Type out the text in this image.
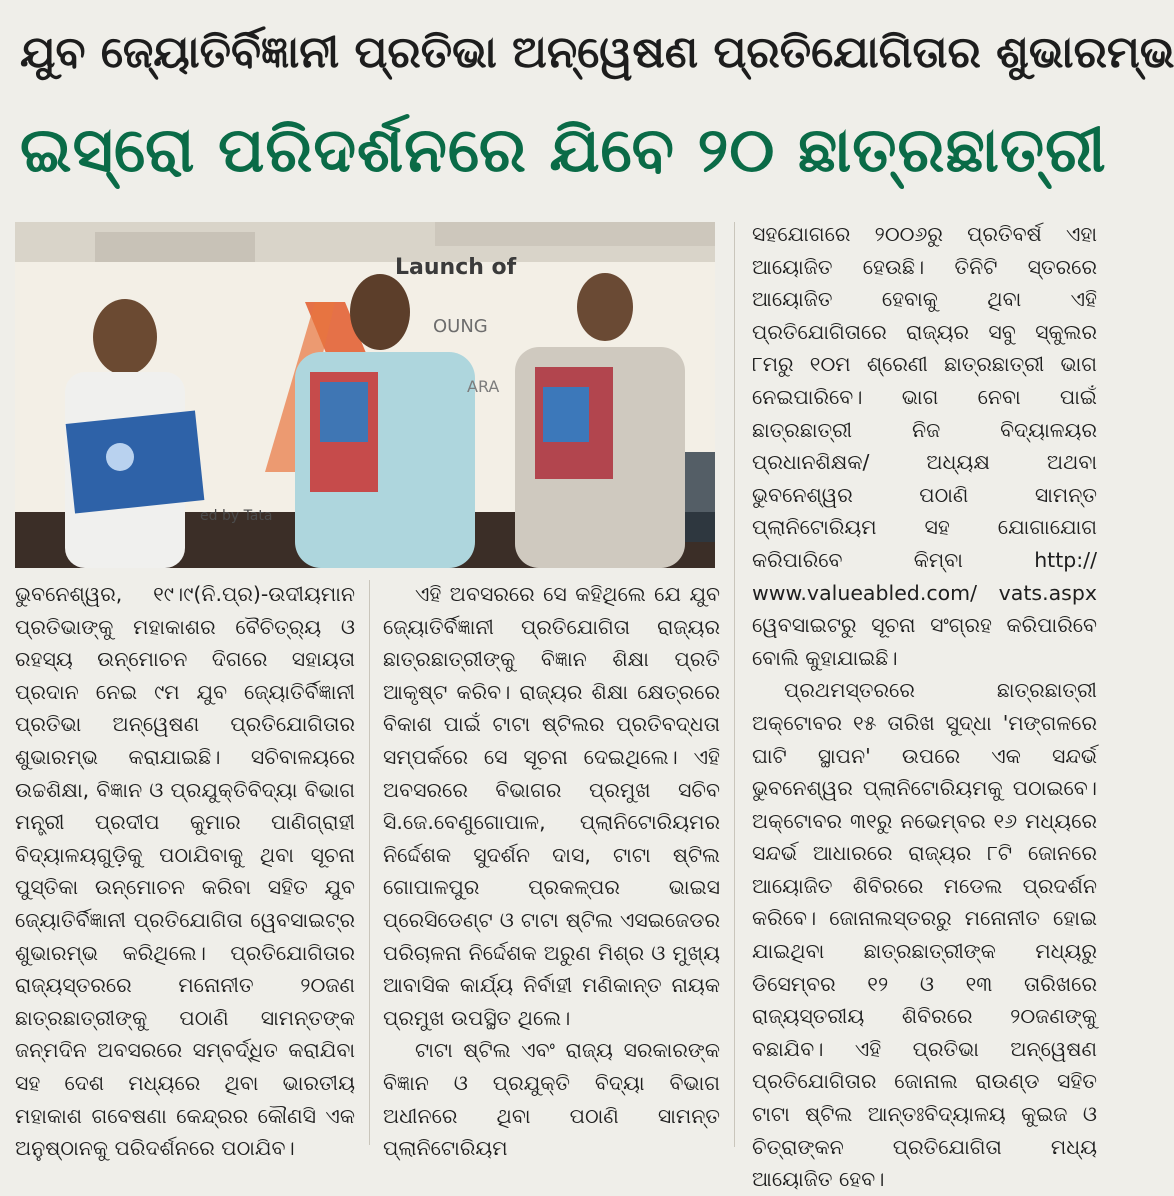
ଯୁବ ଜ୍ୟୋତିର୍ବିଜ୍ଞାନୀ ପ୍ରତିଭା ଅନ୍ୱେଷଣ ପ୍ରତିଯୋଗିତାର ଶୁଭାରମ୍ଭ
ଇସ୍ରୋ ପରିଦର୍ଶନରେ ଯିବେ ୨୦ ଛାତ୍ରଛାତ୍ରୀ
Launch of
OUNG
ARA
ed by Tata

ସହଯୋଗରେ ୨୦୦୬ରୁ ପ୍ରତିବର୍ଷ ଏହା ଆୟୋଜିତ ହେଉଛି। ତିନିଟି ସ୍ତରରେ ଆୟୋଜିତ ହେବାକୁ ଥିବା ଏହି ପ୍ରତିଯୋଗିତାରେ ରାଜ୍ୟର ସବୁ ସ୍କୁଲର ୮ମରୁ ୧୦ମ ଶ୍ରେଣୀ ଛାତ୍ରଛାତ୍ରୀ ଭାଗ ନେଇପାରିବେ। ଭାଗ ନେବା ପାଇଁ ଛାତ୍ରଛାତ୍ରୀ ନିଜ ବିଦ୍ୟାଳୟର ପ୍ରଧାନଶିକ୍ଷକ/ ଅଧ୍ୟକ୍ଷ ଅଥବା ଭୁବନେଶ୍ୱର ପଠାଣି ସାମନ୍ତ ପ୍ଲାନିଟୋରିୟମ ସହ ଯୋଗାଯୋଗ କରିପାରିବେ କିମ୍ବା http:// www.valueabled.com/ vats.aspx ୱେବସାଇଟରୁ ସୂଚନା ସଂଗ୍ରହ କରିପାରିବେ ବୋଲି କୁହାଯାଇଛି।

ପ୍ରଥମସ୍ତରରେ ଛାତ୍ରଛାତ୍ରୀ ଅକ୍ଟୋବର ୧୫ ତାରିଖ ସୁଦ୍ଧା 'ମଙ୍ଗଳରେ ଘାଟି ସ୍ଥାପନ' ଉପରେ ଏକ ସନ୍ଦର୍ଭ ଭୁବନେଶ୍ୱର ପ୍ଲାନିଟୋରିୟମକୁ ପଠାଇବେ। ଅକ୍ଟୋବର ୩୧ରୁ ନଭେମ୍ବର ୧୬ ମଧ୍ୟରେ ସନ୍ଦର୍ଭ ଆଧାରରେ ରାଜ୍ୟର ୮ଟି ଜୋନରେ ଆୟୋଜିତ ଶିବିରରେ ମଡେଲ ପ୍ରଦର୍ଶନ କରିବେ। ଜୋନାଲସ୍ତରରୁ ମନୋନୀତ ହୋଇ ଯାଇଥିବା ଛାତ୍ରଛାତ୍ରୀଙ୍କ ମଧ୍ୟରୁ ଡିସେମ୍ବର ୧୨ ଓ ୧୩ ତାରିଖରେ ରାଜ୍ୟସ୍ତରୀୟ ଶିବିରରେ ୨୦ଜଣଙ୍କୁ ବଛାଯିବ। ଏହି ପ୍ରତିଭା ଅନ୍ୱେଷଣ ପ୍ରତିଯୋଗିତାର ଜୋନାଲ ରାଉଣ୍ଡ ସହିତ ଟାଟା ଷ୍ଟିଲ ଆନ୍ତଃବିଦ୍ୟାଳୟ କୁଇଜ ଓ ଚିତ୍ରାଙ୍କନ ପ୍ରତିଯୋଗିତା ମଧ୍ୟ ଆୟୋଜିତ ହେବ।

ଭୁବନେଶ୍ୱର, ୧୯।୯(ନି.ପ୍ର)-ଉଦୀୟମାନ ପ୍ରତିଭାଙ୍କୁ ମହାକାଶର ବୈଚିତ୍ର୍ୟ ଓ ରହସ୍ୟ ଉନ୍ମୋଚନ ଦିଗରେ ସହାୟତା ପ୍ରଦାନ ନେଇ ୯ମ ଯୁବ ଜ୍ୟୋତିର୍ବିଜ୍ଞାନୀ ପ୍ରତିଭା ଅନ୍ୱେଷଣ ପ୍ରତିଯୋଗିତାର ଶୁଭାରମ୍ଭ କରାଯାଇଛି। ସଚିବାଳୟରେ ଉଚ୍ଚଶିକ୍ଷା, ବିଜ୍ଞାନ ଓ ପ୍ରଯୁକ୍ତିବିଦ୍ୟା ବିଭାଗ ମନ୍ତ୍ରୀ ପ୍ରଦୀପ କୁମାର ପାଣିଗ୍ରାହୀ ବିଦ୍ୟାଳୟଗୁଡ଼ିକୁ ପଠାଯିବାକୁ ଥିବା ସୂଚନା ପୁସ୍ତିକା ଉନ୍ମୋଚନ କରିବା ସହିତ ଯୁବ ଜ୍ୟୋତିର୍ବିଜ୍ଞାନୀ ପ୍ରତିଯୋଗିତା ୱେବସାଇଟ୍‌ର ଶୁଭାରମ୍ଭ କରିଥିଲେ। ପ୍ରତିଯୋଗିତାର ରାଜ୍ୟସ୍ତରରେ ମନୋନୀତ ୨୦ଜଣ ଛାତ୍ରଛାତ୍ରୀଙ୍କୁ ପଠାଣି ସାମନ୍ତଙ୍କ ଜନ୍ମଦିନ ଅବସରରେ ସମ୍ବର୍ଦ୍ଧିତ କରାଯିବା ସହ ଦେଶ ମଧ୍ୟରେ ଥିବା ଭାରତୀୟ ମହାକାଶ ଗବେଷଣା କେନ୍ଦ୍ରର କୌଣସି ଏକ ଅନୁଷ୍ଠାନକୁ ପରିଦର୍ଶନରେ ପଠାଯିବ।

ଏହି ଅବସରରେ ସେ କହିଥିଲେ ଯେ ଯୁବ ଜ୍ୟୋତିର୍ବିଜ୍ଞାନୀ ପ୍ରତିଯୋଗିତା ରାଜ୍ୟର ଛାତ୍ରଛାତ୍ରୀଙ୍କୁ ବିଜ୍ଞାନ ଶିକ୍ଷା ପ୍ରତି ଆକୃଷ୍ଟ କରିବ। ରାଜ୍ୟର ଶିକ୍ଷା କ୍ଷେତ୍ରରେ ବିକାଶ ପାଇଁ ଟାଟା ଷ୍ଟିଲର ପ୍ରତିବଦ୍ଧତା ସମ୍ପର୍କରେ ସେ ସୂଚନା ଦେଇଥିଲେ। ଏହି ଅବସରରେ ବିଭାଗର ପ୍ରମୁଖ ସଚିବ ସି.ଜେ.ବେଣୁଗୋପାଳ, ପ୍ଲାନିଟୋରିୟମର ନିର୍ଦ୍ଦେଶକ ସୁଦର୍ଶନ ଦାସ, ଟାଟା ଷ୍ଟିଲ ଗୋପାଳପୁର ପ୍ରକଳ୍ପର ଭାଇସ ପ୍ରେସିଡେଣ୍ଟ ଓ ଟାଟା ଷ୍ଟିଲ ଏସଇଜେଡର ପରିଚାଳନା ନିର୍ଦ୍ଦେଶକ ଅରୁଣ ମିଶ୍ର ଓ ମୁଖ୍ୟ ଆବାସିକ କାର୍ଯ୍ୟ ନିର୍ବାହୀ ମଣିକାନ୍ତ ନାୟକ ପ୍ରମୁଖ ଉପସ୍ଥିତ ଥିଲେ।

ଟାଟା ଷ୍ଟିଲ ଏବଂ ରାଜ୍ୟ ସରକାରଙ୍କ ବିଜ୍ଞାନ ଓ ପ୍ରଯୁକ୍ତି ବିଦ୍ୟା ବିଭାଗ ଅଧୀନରେ ଥିବା ପଠାଣି ସାମନ୍ତ ପ୍ଲାନିଟୋରିୟମ
